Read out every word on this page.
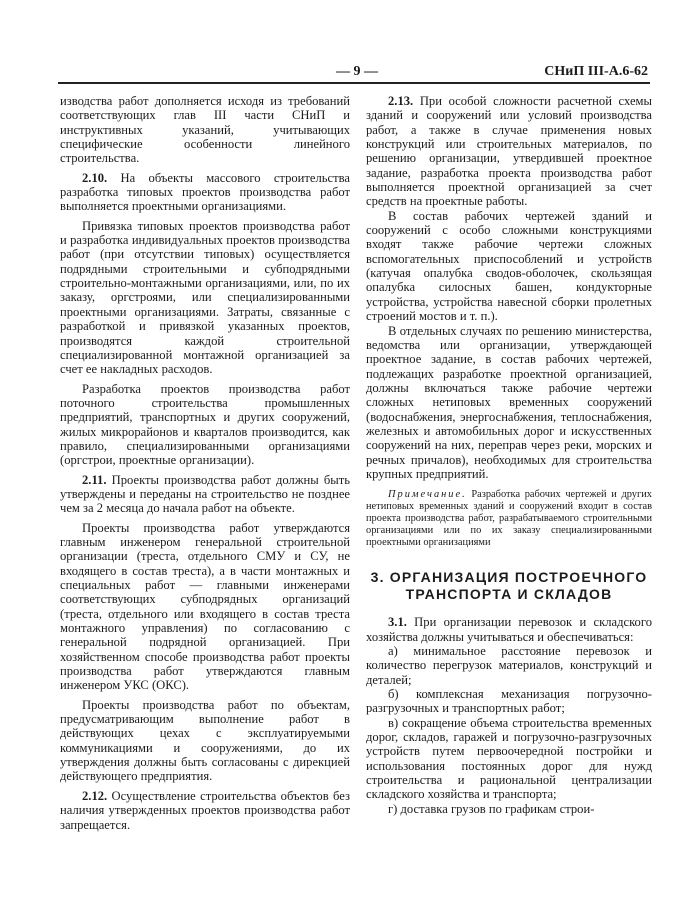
— 9 —	СНиП III-А.6-62

изводства работ дополняется исходя из требований соответствующих глав III части СНиП и инструктивных указаний, учитывающих специфические особенности линейного строительства.

2.10. На объекты массового строительства разработка типовых проектов производства работ выполняется проектными организациями.

Привязка типовых проектов производства работ и разработка индивидуальных проектов производства работ (при отсутствии типовых) осуществляется подрядными строительными и субподрядными строительно-монтажными организациями, или, по их заказу, оргстроями, или специализированными проектными организациями. Затраты, связанные с разработкой и привязкой указанных проектов, производятся каждой строительной специализированной монтажной организацией за счет ее накладных расходов.

Разработка проектов производства работ поточного строительства промышленных предприятий, транспортных и других сооружений, жилых микрорайонов и кварталов производится, как правило, специализированными организациями (оргстрои, проектные организации).

2.11. Проекты производства работ должны быть утверждены и переданы на строительство не позднее чем за 2 месяца до начала работ на объекте.

Проекты производства работ утверждаются главным инженером генеральной строительной организации (треста, отдельного СМУ и СУ, не входящего в состав треста), а в части монтажных и специальных работ — главными инженерами соответствующих субподрядных организаций (треста, отдельного или входящего в состав треста монтажного управления) по согласованию с генеральной подрядной организацией. При хозяйственном способе производства работ проекты производства работ утверждаются главным инженером УКС (ОКС).

Проекты производства работ по объектам, предусматривающим выполнение работ в действующих цехах с эксплуатируемыми коммуникациями и сооружениями, до их утверждения должны быть согласованы с дирекцией действующего предприятия.

2.12. Осуществление строительства объектов без наличия утвержденных проектов производства работ запрещается.

2.13. При особой сложности расчетной схемы зданий и сооружений или условий производства работ, а также в случае применения новых конструкций или строительных материалов, по решению организации, утвердившей проектное задание, разработка проекта производства работ выполняется проектной организацией за счет средств на проектные работы.

В состав рабочих чертежей зданий и сооружений с особо сложными конструкциями входят также рабочие чертежи сложных вспомогательных приспособлений и устройств (катучая опалубка сводов-оболочек, скользящая опалубка силосных башен, кондукторные устройства, устройства навесной сборки пролетных строений мостов и т. п.).

В отдельных случаях по решению министерства, ведомства или организации, утверждающей проектное задание, в состав рабочих чертежей, подлежащих разработке проектной организацией, должны включаться также рабочие чертежи сложных нетиповых временных сооружений (водоснабжения, энергоснабжения, теплоснабжения, железных и автомобильных дорог и искусственных сооружений на них, переправ через реки, морских и речных причалов), необходимых для строительства крупных предприятий.

Примечание. Разработка рабочих чертежей и других нетиповых временных зданий и сооружений входит в состав проекта производства работ, разрабатываемого строительными организациями или по их заказу специализированными проектными организациями
3. ОРГАНИЗАЦИЯ ПОСТРОЕЧНОГО ТРАНСПОРТА И СКЛАДОВ

3.1. При организации перевозок и складского хозяйства должны учитываться и обеспечиваться:

а) минимальное расстояние перевозок и количество перегрузок материалов, конструкций и деталей;

б) комплексная механизация погрузочно-разгрузочных и транспортных работ;

в) сокращение объема строительства временных дорог, складов, гаражей и погрузочно-разгрузочных устройств путем первоочередной постройки и использования постоянных дорог для нужд строительства и рациональной централизации складского хозяйства и транспорта;

г) доставка грузов по графикам строи-
